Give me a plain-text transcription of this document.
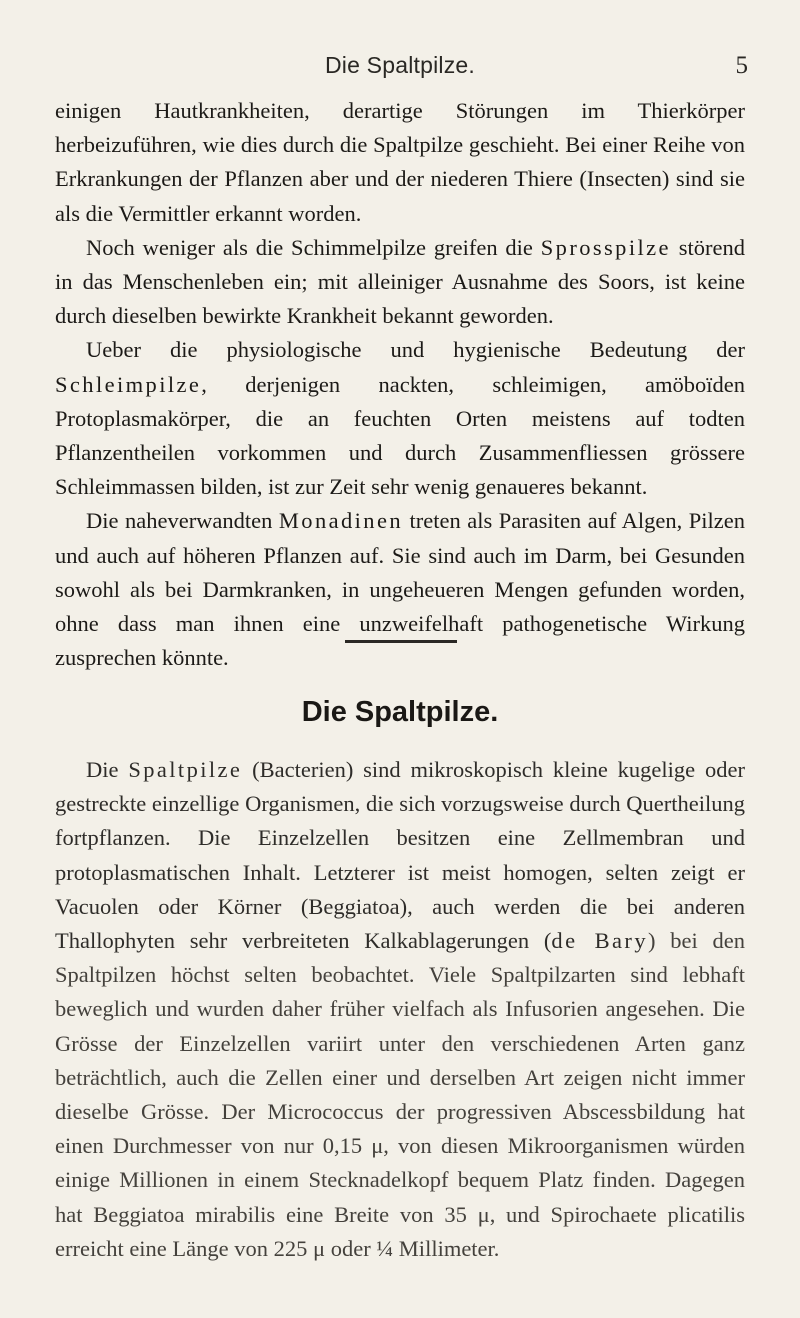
Die Spaltpilze.	5

einigen Hautkrankheiten, derartige Störungen im Thierkörper herbeizuführen, wie dies durch die Spaltpilze geschieht. Bei einer Reihe von Erkrankungen der Pflanzen aber und der niederen Thiere (Insecten) sind sie als die Vermittler erkannt worden.

Noch weniger als die Schimmelpilze greifen die Sprosspilze störend in das Menschenleben ein; mit alleiniger Ausnahme des Soors, ist keine durch dieselben bewirkte Krankheit bekannt geworden.

Ueber die physiologische und hygienische Bedeutung der Schleimpilze, derjenigen nackten, schleimigen, amöboïden Protoplasmakörper, die an feuchten Orten meistens auf todten Pflanzentheilen vorkommen und durch Zusammenfliessen grössere Schleimmassen bilden, ist zur Zeit sehr wenig genaueres bekannt.

Die naheverwandten Monadinen treten als Parasiten auf Algen, Pilzen und auch auf höheren Pflanzen auf. Sie sind auch im Darm, bei Gesunden sowohl als bei Darmkranken, in ungeheueren Mengen gefunden worden, ohne dass man ihnen eine unzweifelhaft pathogenetische Wirkung zusprechen könnte.

Die Spaltpilze.

Die Spaltpilze (Bacterien) sind mikroskopisch kleine kugelige oder gestreckte einzellige Organismen, die sich vorzugsweise durch Quertheilung fortpflanzen. Die Einzelzellen besitzen eine Zellmembran und protoplasmatischen Inhalt. Letzterer ist meist homogen, selten zeigt er Vacuolen oder Körner (Beggiatoa), auch werden die bei anderen Thallophyten sehr verbreiteten Kalkablagerungen (de Bary) bei den Spaltpilzen höchst selten beobachtet. Viele Spaltpilzarten sind lebhaft beweglich und wurden daher früher vielfach als Infusorien angesehen. Die Grösse der Einzelzellen variirt unter den verschiedenen Arten ganz beträchtlich, auch die Zellen einer und derselben Art zeigen nicht immer dieselbe Grösse. Der Micrococcus der progressiven Abscessbildung hat einen Durchmesser von nur 0,15 μ, von diesen Mikroorganismen würden einige Millionen in einem Stecknadelkopf bequem Platz finden. Dagegen hat Beggiatoa mirabilis eine Breite von 35 μ, und Spirochaete plicatilis erreicht eine Länge von 225 μ oder ¼ Millimeter.
